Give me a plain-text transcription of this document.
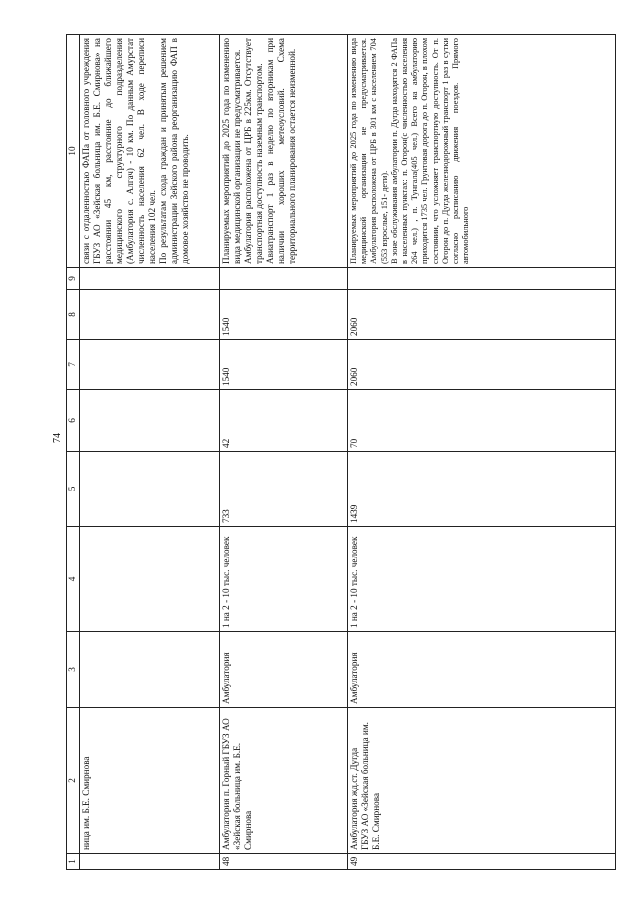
74
1	2	3	4	5	6	7	8	9	10
	ница им. Б.Е. Смирнова								связи с отдаленностью ФАПа от головного учреждения ГБУЗ АО «Зейская больница им. Б.Е. Смирнова» на расстоянии 45 км, расстояние до ближайшего медицинского структурного подразделения (Амбулатория с. Алгач) - 10 км. По данным Амурстат численность населения 62 чел. В ходе переписи населения 102 чел.
По результатам схода граждан и принятым решением администрации Зейского района реорганизацию ФАП в домовое хозяйство не проводить.
48	Амбулатория п. Горный ГБУЗ АО «Зейская больница им. Б.Е. Смирнова	Амбулатория	1 на 2 - 10 тыс. человек	733	42	1540	1540		Планируемых мероприятий до 2025 года по изменению вида медицинской организации не предусматривается.
Амбулатория расположена от ЦРБ в 225км. Отсутствует транспортная доступность наземным транспортом.
Авиатранспорт 1 раз в неделю по вторникам при наличии хороших метеоусловий. Схема территориального планирования остается неизменной.
49	Амбулатория жд.ст. Дугда
ГБУЗ АО «Зейская больница им. Б.Е. Смирнова	Амбулатория	1 на 2 - 10 тыс. человек	1439	70	2060	2060		Планируемых мероприятий до 2025 года по изменению вида медицинской организации не предусматривается. Амбулатория расположена от ЦРБ в 301 км с населением 704 (553 взрослые, 151- дети).
В зоне обслуживания амбулатории п. Дугда находятся 2 ФАПа в населенных пунктах: п. Огорон(с численностью населения 264 чел.) , п. Тунгала(405 чел.) Всего на амбулаторию приходится 1735 чел. Грунтовая дорога до п. Огорон, в плохом состоянии, что усложняет транспортную доступность. От п. Огорон до п. Дугда железнодорожный транспорт 1 раз в сутки согласно расписанию движения поездов. Прямого автомобильного
